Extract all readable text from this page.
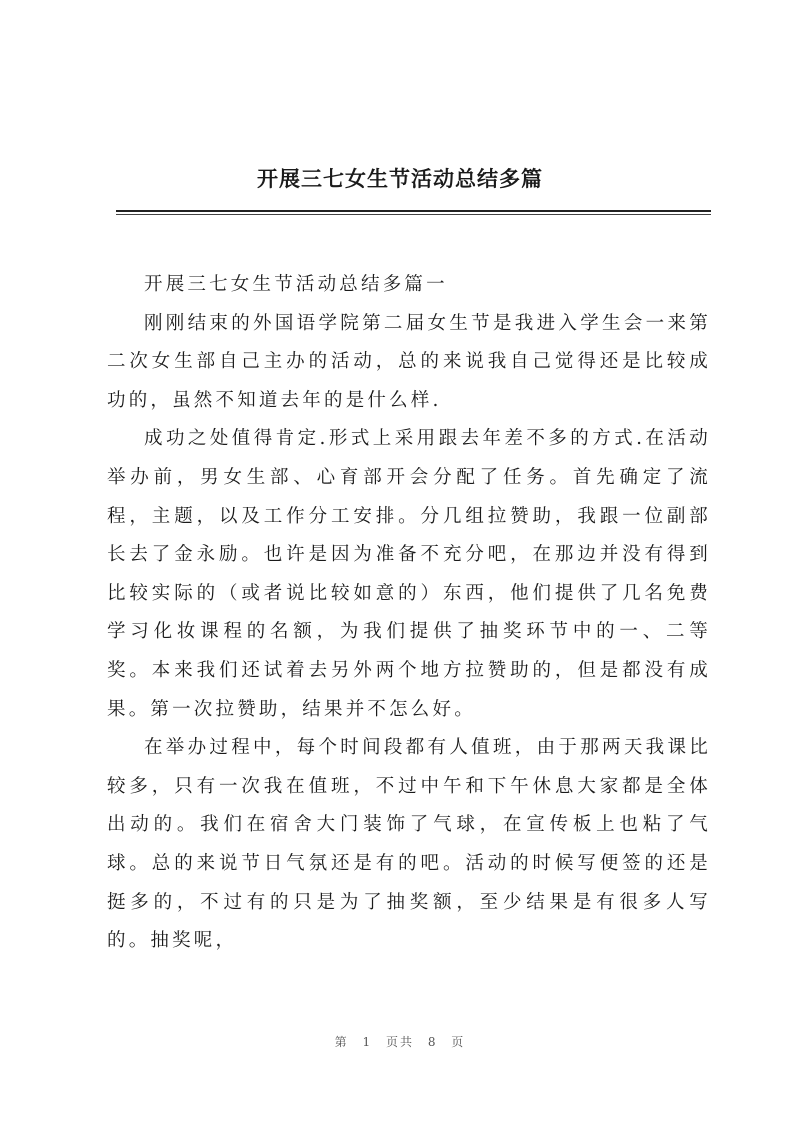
开展三七女生节活动总结多篇

开展三七女生节活动总结多篇一

刚刚结束的外国语学院第二届女生节是我进入学生会一来第二次女生部自己主办的活动，总的来说我自己觉得还是比较成功的，虽然不知道去年的是什么样.

成功之处值得肯定.形式上采用跟去年差不多的方式.在活动举办前，男女生部、心育部开会分配了任务。首先确定了流程，主题，以及工作分工安排。分几组拉赞助，我跟一位副部长去了金永励。也许是因为准备不充分吧，在那边并没有得到比较实际的（或者说比较如意的）东西，他们提供了几名免费学习化妆课程的名额，为我们提供了抽奖环节中的一、二等奖。本来我们还试着去另外两个地方拉赞助的，但是都没有成果。第一次拉赞助，结果并不怎么好。

在举办过程中，每个时间段都有人值班，由于那两天我课比较多，只有一次我在值班，不过中午和下午休息大家都是全体出动的。我们在宿舍大门装饰了气球，在宣传板上也粘了气球。总的来说节日气氛还是有的吧。活动的时候写便签的还是挺多的，不过有的只是为了抽奖额，至少结果是有很多人写的。抽奖呢，

第 1 页共 8 页
